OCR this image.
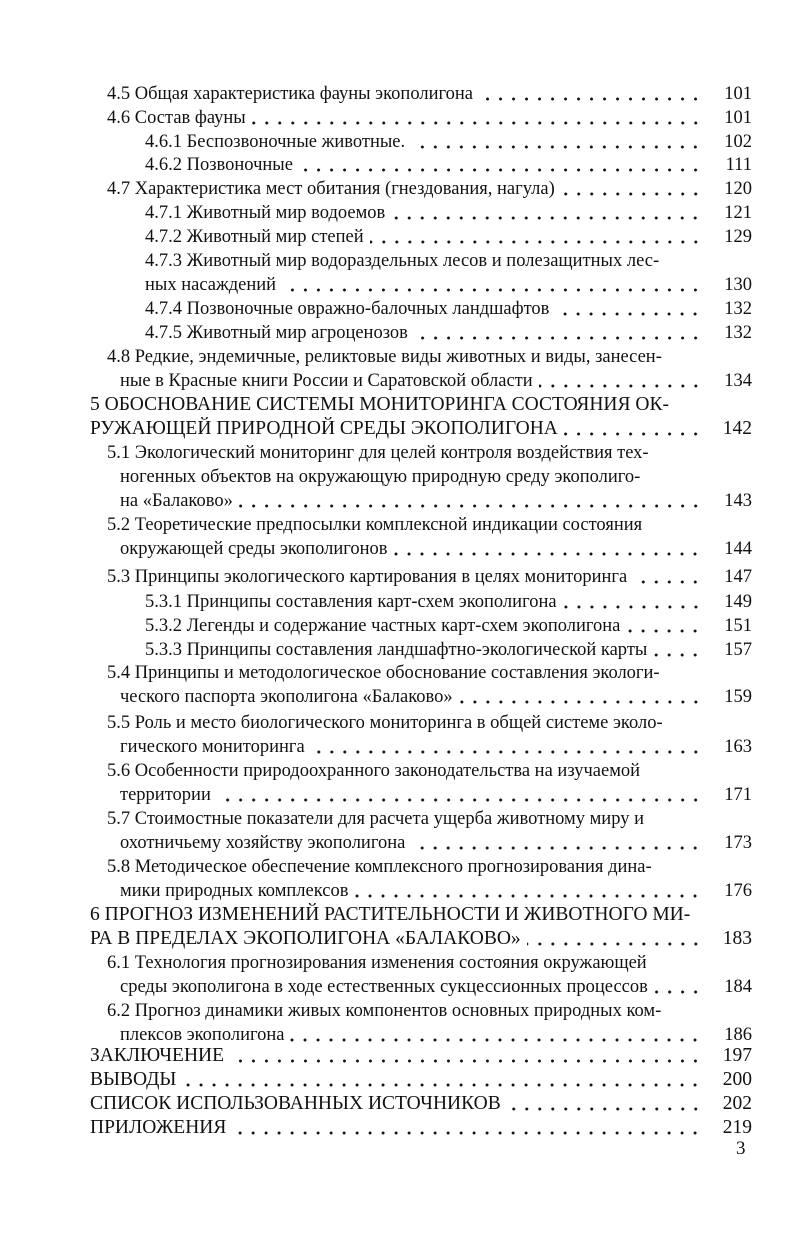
4.5 Общая характеристика фауны экополигона	101
4.6 Состав фауны	101
4.6.1 Беспозвоночные животные.	102
4.6.2 Позвоночные	111
4.7 Характеристика мест обитания (гнездования, нагула)	120
4.7.1 Животный мир водоемов	121
4.7.2 Животный мир степей	129
4.7.3 Животный мир водораздельных лесов и полезащитных лес-
ных насаждений	130
4.7.4 Позвоночные овражно-балочных ландшафтов	132
4.7.5 Животный мир агроценозов	132
4.8 Редкие, эндемичные, реликтовые виды животных и виды, занесен-
ные в Красные книги России и Саратовской области	134
5 ОБОСНОВАНИЕ СИСТЕМЫ МОНИТОРИНГА СОСТОЯНИЯ ОК-
РУЖАЮЩЕЙ ПРИРОДНОЙ СРЕДЫ ЭКОПОЛИГОНА	142
5.1 Экологический мониторинг для целей контроля воздействия тех-
ногенных объектов на окружающую природную среду экополиго-
на «Балаково»	143
5.2 Теоретические предпосылки комплексной индикации состояния
окружающей среды экополигонов	144
5.3 Принципы экологического картирования в целях мониторинга	147
5.3.1 Принципы составления карт-схем экополигона	149
5.3.2 Легенды и содержание частных карт-схем экополигона	151
5.3.3 Принципы составления ландшафтно-экологической карты	157
5.4 Принципы и методологическое обоснование составления экологи-
ческого паспорта экополигона «Балаково»	159
5.5 Роль и место биологического мониторинга в общей системе эколо-
гического мониторинга	163
5.6 Особенности природоохранного законодательства на изучаемой
территории	171
5.7 Стоимостные показатели для расчета ущерба животному миру и
охотничьему хозяйству экополигона	173
5.8 Методическое обеспечение комплексного прогнозирования дина-
мики природных комплексов	176
6 ПРОГНОЗ ИЗМЕНЕНИЙ РАСТИТЕЛЬНОСТИ И ЖИВОТНОГО МИ-
РА В ПРЕДЕЛАХ ЭКОПОЛИГОНА «БАЛАКОВО»	183
6.1 Технология прогнозирования изменения состояния окружающей
среды экополигона в ходе естественных сукцессионных процессов	184
6.2 Прогноз динамики живых компонентов основных природных ком-
плексов экополигона	186
ЗАКЛЮЧЕНИЕ	197
ВЫВОДЫ	200
СПИСОК ИСПОЛЬЗОВАННЫХ ИСТОЧНИКОВ	202
ПРИЛОЖЕНИЯ	219
3
